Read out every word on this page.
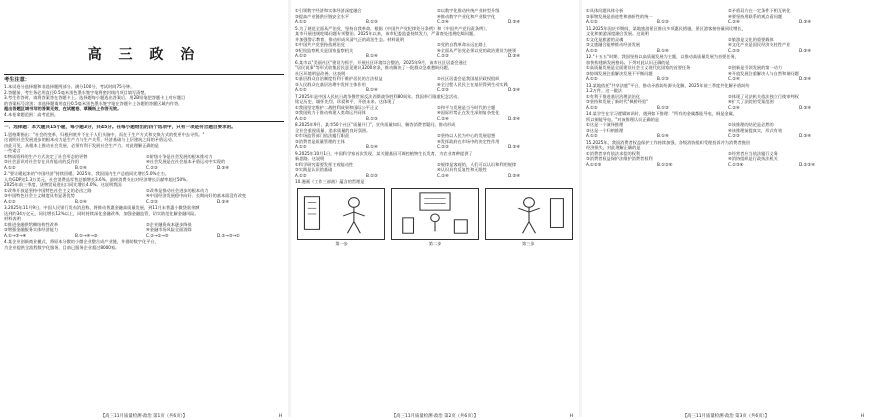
高 三 政 治
考生注意：
1.本试卷分选择题和非选择题两部分。满分100分，考试时间75分钟。
2.答题前，考生务必用直径0.5毫米黑色墨水签字笔将密封线内项目填写清楚。
3.考生作答时，请将答案答在答题卡上。选择题每小题选出答案后，用2B铅笔把答题卡上对应题目
的答案标号涂黑；非选择题请用直径0.5毫米黑色墨水签字笔在答题卡上各题的答题区域内作答，
超出答题区域书写的答案无效，在试题卷、草稿纸上作答无效。
4.本卷命题范围：高考范围。
一、选择题：本大题共15小题，每小题3分，共45分。在每小题给出的四个选项中，只有一项是符合题目要求的。
1.恩格斯指出："社会的变革，归根到底并不在于人们头脑中，而在于生产方式和交换方式的变更中去寻找。"
这说明社会发展进步的根本动力是生产力与生产关系、经济基础与上层建筑之间的矛盾运动。
由此可见，从根本上推动社会发展，必须有利于发展社会生产力。对此理解正确的是
一些诺言
①物质资料的生产方式决定了社会形态的更替	②阶级斗争是社会发展的根本推动力
③社会意识对社会存在具有能动的反作用	④社会发展是在社会基本矛盾运动中实现的
A.①②	B.①④	C.②③	D.③④
2."要让暖起来的"中国经济"持续回暖。2025年，我国国内生产总值同比增长5.0%左右。
人均GDP达1.3万美元，社会消费品零售总额增长3.6%，最终消费支出对经济增长贡献率超过50%。
2025年前三季度，货物贸易进出口同比增长4.0%。这说明我国
①改革开放是坚持中国特色社会主义的必由之路	②改革是推动社会进步的根本动力
③中国特色社会主义制度具有显著优势	④中国经济发展稳中向好、长期向好的基本面没有改变
A.①②	B.①④	C.②③	D.③④
3.2025年11月9日，中国人民银行发布消息称，将推动普惠金融高质量发展，到11月末普惠小微贷款余额
达到约34万亿元，同比增长12%以上，同时持续深化金融改革，加强金融监管，切实防范化解金融风险。
材料表明
①推进金融供给侧结构性改革	②企业融资成本逐步降低
③增强金融服务实体经济能力	④金融市场风险全面消除
A.①→③→④	B.①→④→③	C.②→①→③	D.②→③→①
4.某企业创新商业模式，将原本分散的小微企业整合成产业链，并借助数字化平台，
为企业提供全流程数字化服务，目前已服务企业超过8000家。
【高三11月质量检测·政治 第1页（共6页）】	H
①引领数字经济和实体经济深度融合	②以数字化推动传统产业转型升级
③提高产业链供应链安全水平	④推动数字产业化和产业数字化
A.①②	B.①③	C.②④	D.③④
5.为了规范全面从严治党，坚持自我革命，根据《中国共产党纪律处分条例》和《中国共产党问责条例》，
某市开展违规吃喝问题专项整治。2025年以来，该市纪委监委持续发力，严肃查处违规吃喝问题。
并加强警示教育，推动形成风清气正的政治生态。材料说明
①中国共产党坚持依规治党	②党的自我革命永远在路上
③纪检监察机关是国家监察机关	④全面从严治党必须以党的政治建设为统领
A.①②	B.①④	C.②③	D.③④
6.某市以"美丽社区"建设为抓手，开展社区环境综合整治，2025年9月，该市社区居委会通过
"居民说事"等形式收集居民意见建议3200余条，推动解决了一批群众急难愁盼问题，
社区环境明显改善。这表明
①基层群众自治制度有利于维护居民的合法权益	②社区居委会是我国基层政权组织
③人民群众在基层治理中发挥主体作用	④全过程人民民主在基层得到生动实践
A.①②	B.①④	C.②③	D.③④
7.2025年是中国人民抗日战争暨世界反法西斯战争胜利80周年。我国举行隆重纪念活动，
铭记历史、缅怀先烈、珍爱和平、开创未来。这体现了
①我国坚定维护二战胜利成果和国际公平正义	②和平与发展是当今时代的主题
③我国致力于推动构建人类命运共同体	④国际形势正在发生深刻复杂变化
A.①②	B.①③	C.②④	D.③④
8.2025年9月，某市50个社区"质量开门"，宣传质量知识、解答消费者疑问，推动形成
全社会重视质量、追求质量的良好氛围。
①市场监管部门依法履行职责	②坚持以人民为中心的发展思想
③消费者是质量管理的主体	④发挥政府在市场中的决定性作用
A.①②	B.①④	C.②③	D.③④
9.2025年10月1日，中国科学家首次发现，某关键基因可调控植物生长发育，为农业育种提供了
新思路。这说明
①科学研究需要发挥主观能动性	②规律是客观的，人们可以认识和利用规律
③实践是认识的基础	④认识具有反复性和无限性
A.①②	B.①③	C.②④	D.③④
10.漫画《工作三部曲》蕴含的哲理是
第一步	第二步	第三步
【高三11月质量检测·政治 第2页（共6页）】	H
①具体问题具体分析	②矛盾双方在一定条件下相互转化
③事物发展是前进性和曲折性的统一	④要坚持用联系的观点看问题
A.①②	B.①③	C.②④	D.③④
11.2025年国庆节期间，某地旅游景区推出多项惠民措施，景区游客接待量同比增长，
文化和旅游深度融合发展。这说明
①文化是旅游的灵魂	②旅游是文化的重要载体
③文旅融合能够推动经济发展	④文化产业是国民经济支柱性产业
A.①②	B.①④	C.②③	D.③④
12."十五五"时期，我国坚持以高质量发展为主题，以推动高质量发展为首要任务，
加快构建新发展格局。下列对此认识正确的是
①高质量发展是全面建设社会主义现代化国家的首要任务	②创新是引领发展的第一动力
③协调发展注重解决发展不平衡问题	④开放发展注重解决人与自然和谐问题
A.①②	B.①③	C.②④	D.③④
13.某地依托"共享法庭"平台，推动矛盾纠纷源头化解，2025年前三季度共化解矛盾纠纷
1.2万件。这一做法
①有利于推进基层治理法治化	②体现了司法机关依法独立行使审判权
③坚持和发展了新时代"枫桥经验"	④扩大了法院的受案范围
A.①②	B.①③	C.②④	D.③④
14.某学生在学习逻辑知识时，遇到如下推理："所有的金属都能导电，铜是金属，
所以铜能导电。"对该推理认识正确的是
①这是一个演绎推理	②该推理的结论是必然的
③这是一个归纳推理	④该推理前提真实，形式有效
A.①②	B.①④	C.②③	D.③④
15.2025年，我国消费者权益保护工作持续加强，各级消协组织受理投诉并为消费者挽回
经济损失。对此理解正确的是
①消费者享有依法求偿的权利	②经营者应当依法履行义务
③消费者权益保护法维护消费者权利	④消协组织是行政执法机关
A.①②③	B.①②④	C.①③④	D.②③④
【高三11月质量检测·政治 第3页（共6页）】	H
